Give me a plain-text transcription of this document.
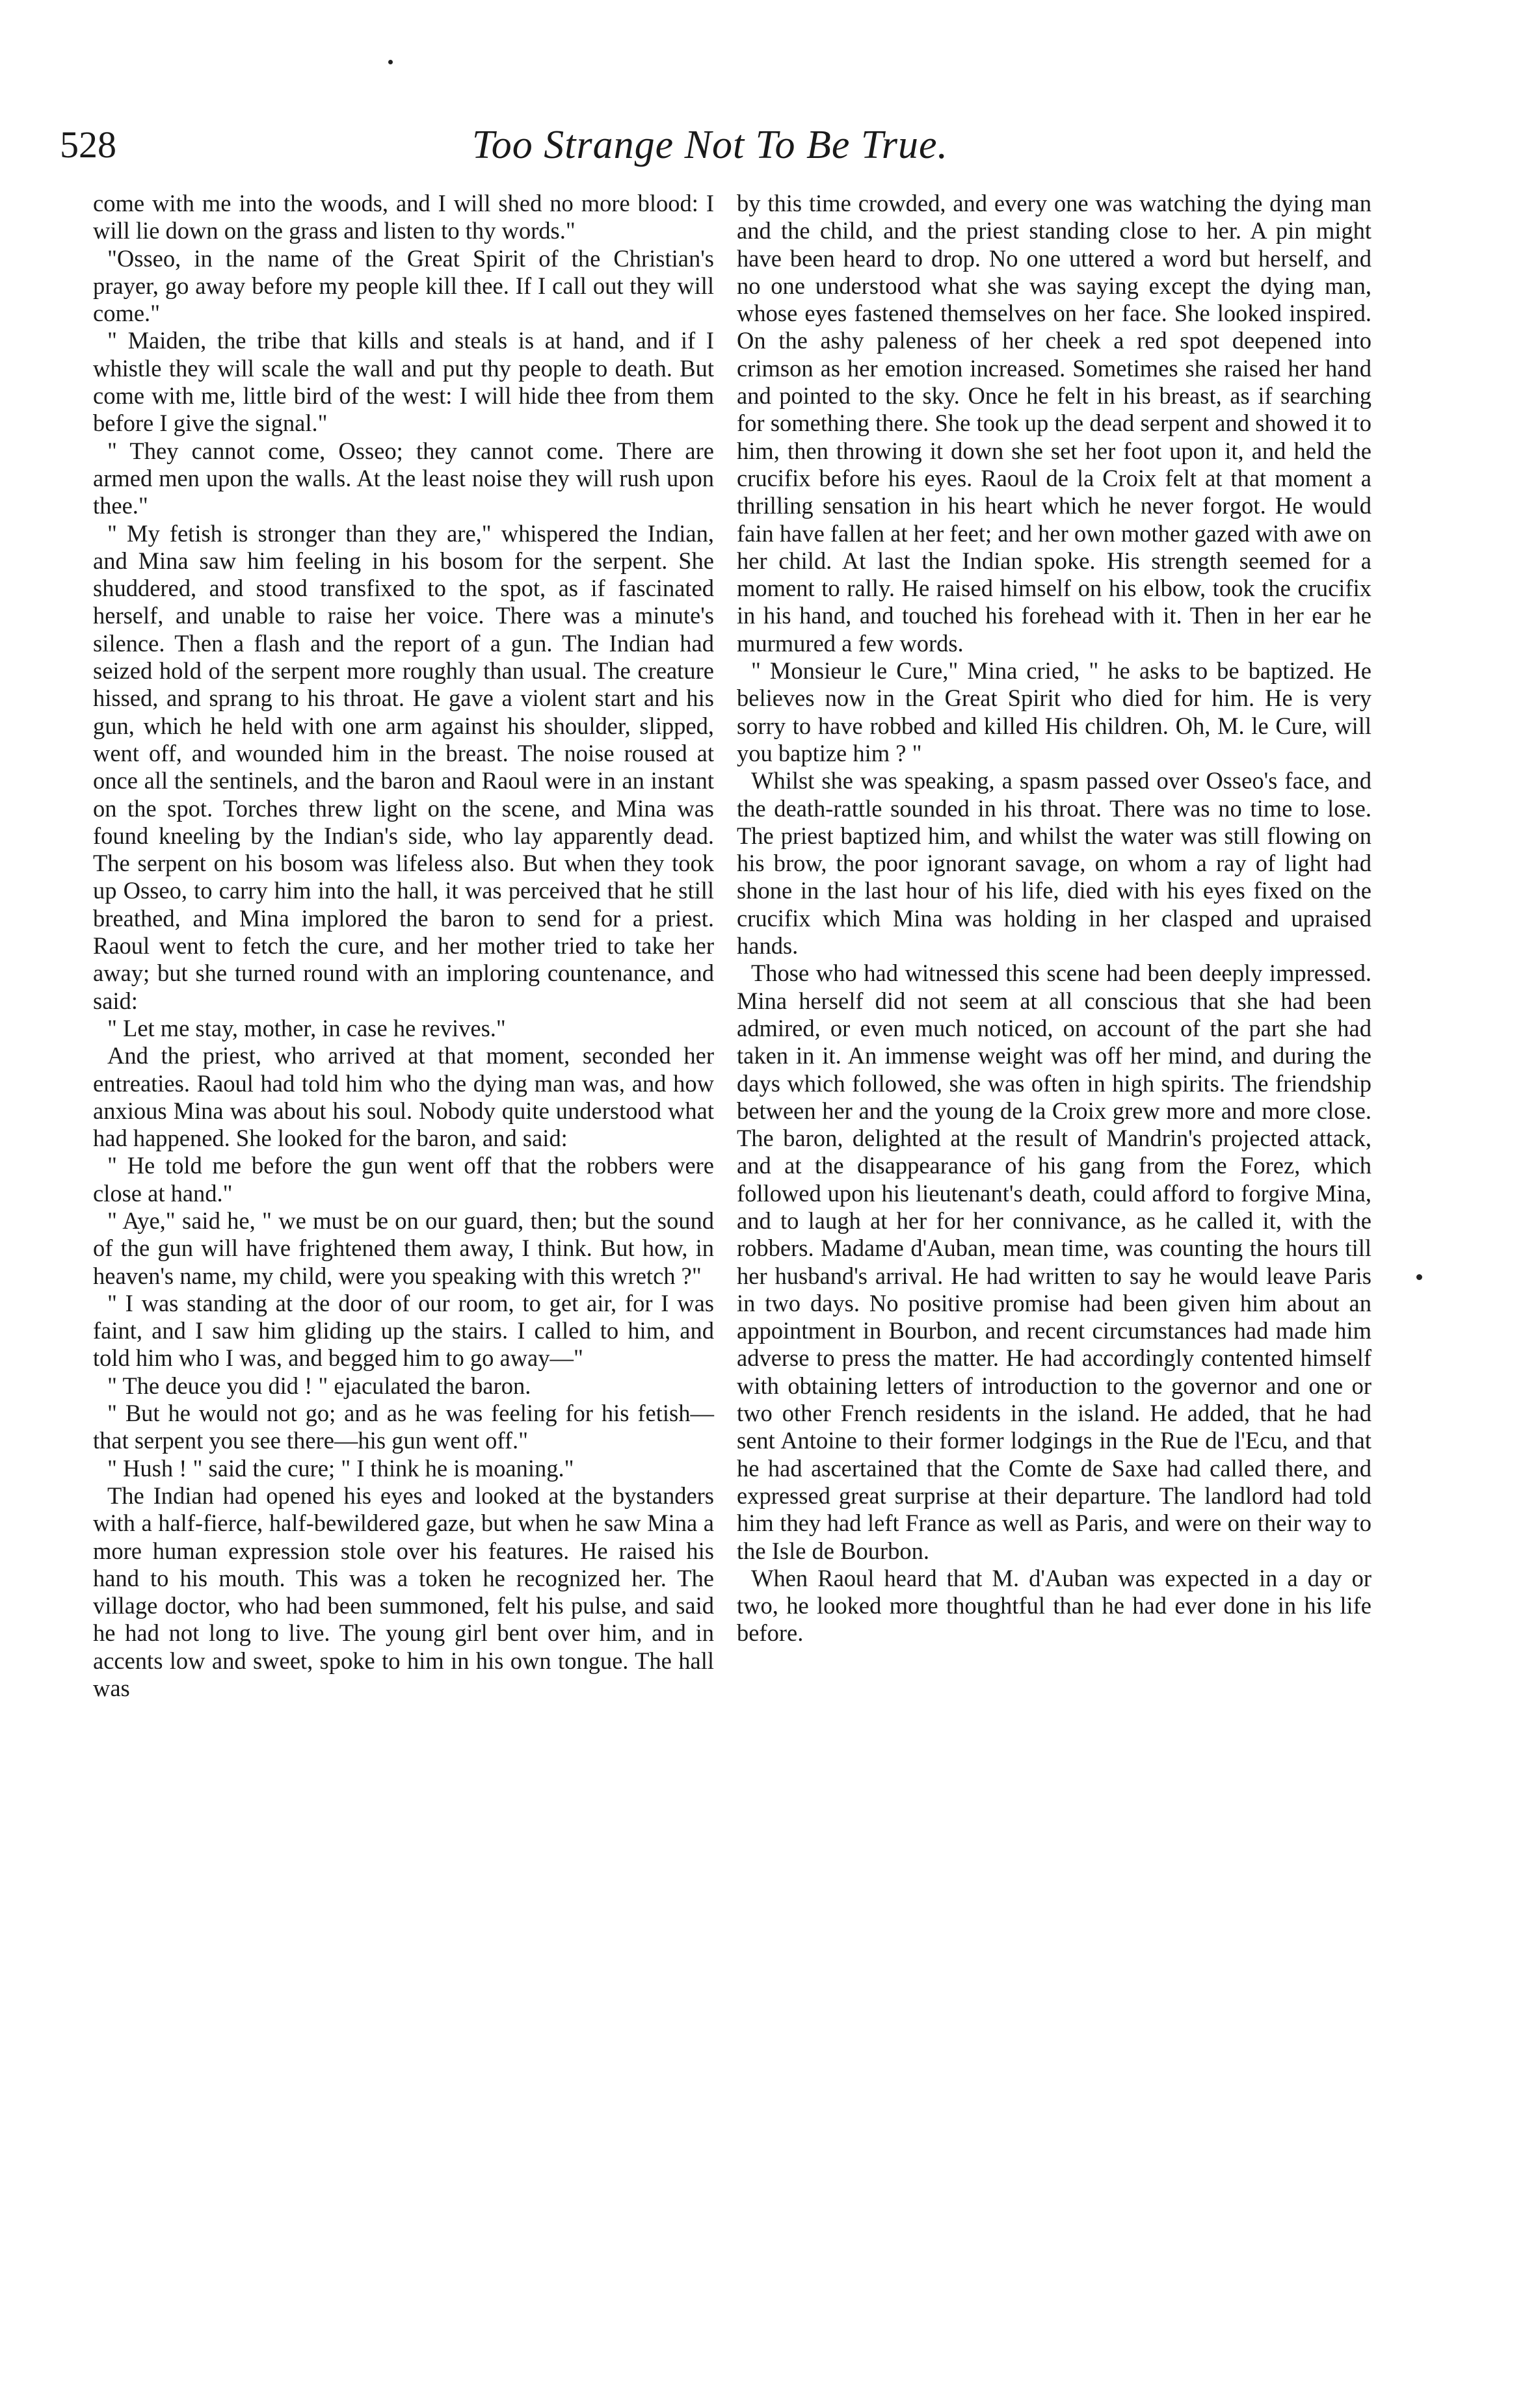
528	Too Strange Not To Be True.

come with me into the woods, and I will shed no more blood: I will lie down on the grass and listen to thy words."

"Osseo, in the name of the Great Spirit of the Christian's prayer, go away before my people kill thee. If I call out they will come."

" Maiden, the tribe that kills and steals is at hand, and if I whistle they will scale the wall and put thy people to death. But come with me, little bird of the west: I will hide thee from them before I give the signal."

" They cannot come, Osseo; they cannot come. There are armed men upon the walls. At the least noise they will rush upon thee."

" My fetish is stronger than they are," whispered the Indian, and Mina saw him feeling in his bosom for the serpent. She shuddered, and stood transfixed to the spot, as if fascinated herself, and unable to raise her voice. There was a minute's silence. Then a flash and the report of a gun. The Indian had seized hold of the serpent more roughly than usual. The creature hissed, and sprang to his throat. He gave a violent start and his gun, which he held with one arm against his shoulder, slipped, went off, and wounded him in the breast. The noise roused at once all the sentinels, and the baron and Raoul were in an instant on the spot. Torches threw light on the scene, and Mina was found kneeling by the Indian's side, who lay apparently dead. The serpent on his bosom was lifeless also. But when they took up Osseo, to carry him into the hall, it was perceived that he still breathed, and Mina implored the baron to send for a priest. Raoul went to fetch the cure, and her mother tried to take her away; but she turned round with an imploring countenance, and said:

" Let me stay, mother, in case he revives."

And the priest, who arrived at that moment, seconded her entreaties. Raoul had told him who the dying man was, and how anxious Mina was about his soul. Nobody quite understood what had happened. She looked for the baron, and said:

" He told me before the gun went off that the robbers were close at hand."

" Aye," said he, " we must be on our guard, then; but the sound of the gun will have frightened them away, I think. But how, in heaven's name, my child, were you speaking with this wretch ?"

" I was standing at the door of our room, to get air, for I was faint, and I saw him gliding up the stairs. I called to him, and told him who I was, and begged him to go away—"

" The deuce you did ! " ejaculated the baron.

" But he would not go; and as he was feeling for his fetish—that serpent you see there—his gun went off."

" Hush ! " said the cure; " I think he is moaning."

The Indian had opened his eyes and looked at the bystanders with a half-fierce, half-bewildered gaze, but when he saw Mina a more human expression stole over his features. He raised his hand to his mouth. This was a token he recognized her. The village doctor, who had been summoned, felt his pulse, and said he had not long to live. The young girl bent over him, and in accents low and sweet, spoke to him in his own tongue. The hall was

by this time crowded, and every one was watching the dying man and the child, and the priest standing close to her. A pin might have been heard to drop. No one uttered a word but herself, and no one understood what she was saying except the dying man, whose eyes fastened themselves on her face. She looked inspired. On the ashy paleness of her cheek a red spot deepened into crimson as her emotion increased. Sometimes she raised her hand and pointed to the sky. Once he felt in his breast, as if searching for something there. She took up the dead serpent and showed it to him, then throwing it down she set her foot upon it, and held the crucifix before his eyes. Raoul de la Croix felt at that moment a thrilling sensation in his heart which he never forgot. He would fain have fallen at her feet; and her own mother gazed with awe on her child. At last the Indian spoke. His strength seemed for a moment to rally. He raised himself on his elbow, took the crucifix in his hand, and touched his forehead with it. Then in her ear he murmured a few words.

" Monsieur le Cure," Mina cried, " he asks to be baptized. He believes now in the Great Spirit who died for him. He is very sorry to have robbed and killed His children. Oh, M. le Cure, will you baptize him ? "

Whilst she was speaking, a spasm passed over Osseo's face, and the death-rattle sounded in his throat. There was no time to lose. The priest baptized him, and whilst the water was still flowing on his brow, the poor ignorant savage, on whom a ray of light had shone in the last hour of his life, died with his eyes fixed on the crucifix which Mina was holding in her clasped and upraised hands.

Those who had witnessed this scene had been deeply impressed. Mina herself did not seem at all conscious that she had been admired, or even much noticed, on account of the part she had taken in it. An immense weight was off her mind, and during the days which followed, she was often in high spirits. The friendship between her and the young de la Croix grew more and more close. The baron, delighted at the result of Mandrin's projected attack, and at the disappearance of his gang from the Forez, which followed upon his lieutenant's death, could afford to forgive Mina, and to laugh at her for her connivance, as he called it, with the robbers. Madame d'Auban, mean time, was counting the hours till her husband's arrival. He had written to say he would leave Paris in two days. No positive promise had been given him about an appointment in Bourbon, and recent circumstances had made him adverse to press the matter. He had accordingly contented himself with obtaining letters of introduction to the governor and one or two other French residents in the island. He added, that he had sent Antoine to their former lodgings in the Rue de l'Ecu, and that he had ascertained that the Comte de Saxe had called there, and expressed great surprise at their departure. The landlord had told him they had left France as well as Paris, and were on their way to the Isle de Bourbon.

When Raoul heard that M. d'Auban was expected in a day or two, he looked more thoughtful than he had ever done in his life before.
